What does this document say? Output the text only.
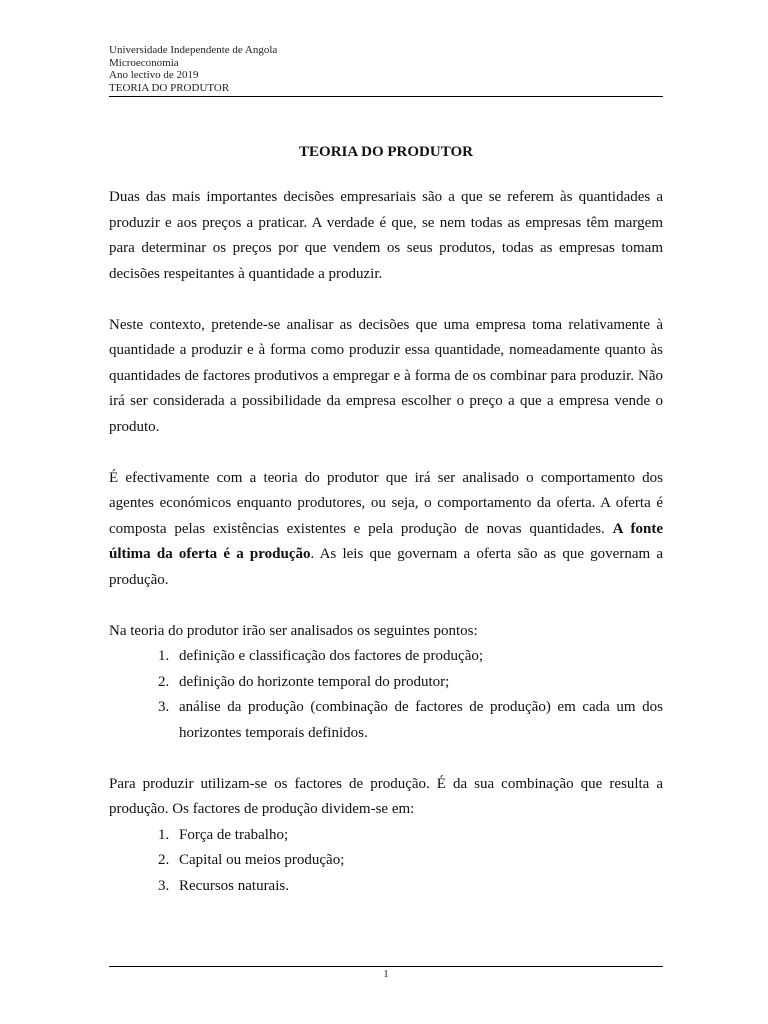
Universidade Independente de Angola
Microeconomia
Ano lectivo de 2019
TEORIA DO PRODUTOR
TEORIA DO PRODUTOR

Duas das mais importantes decisões empresariais são a que se referem às quantidades a produzir e aos preços a praticar. A verdade é que, se nem todas as empresas têm margem para determinar os preços por que vendem os seus produtos, todas as empresas tomam decisões respeitantes à quantidade a produzir.

Neste contexto, pretende-se analisar as decisões que uma empresa toma relativamente à quantidade a produzir e à forma como produzir essa quantidade, nomeadamente quanto às quantidades de factores produtivos a empregar e à forma de os combinar para produzir. Não irá ser considerada a possibilidade da empresa escolher o preço a que a empresa vende o produto.

É efectivamente com a teoria do produtor que irá ser analisado o comportamento dos agentes económicos enquanto produtores, ou seja, o comportamento da oferta. A oferta é composta pelas existências existentes e pela produção de novas quantidades. A fonte última da oferta é a produção. As leis que governam a oferta são as que governam a produção.

Na teoria do produtor irão ser analisados os seguintes pontos:

1. definição e classificação dos factores de produção;
2. definição do horizonte temporal do produtor;
3. análise da produção (combinação de factores de produção) em cada um dos horizontes temporais definidos.

Para produzir utilizam-se os factores de produção. É da sua combinação que resulta a produção. Os factores de produção dividem-se em:

1. Força de trabalho;
2. Capital ou meios produção;
3. Recursos naturais.
1
